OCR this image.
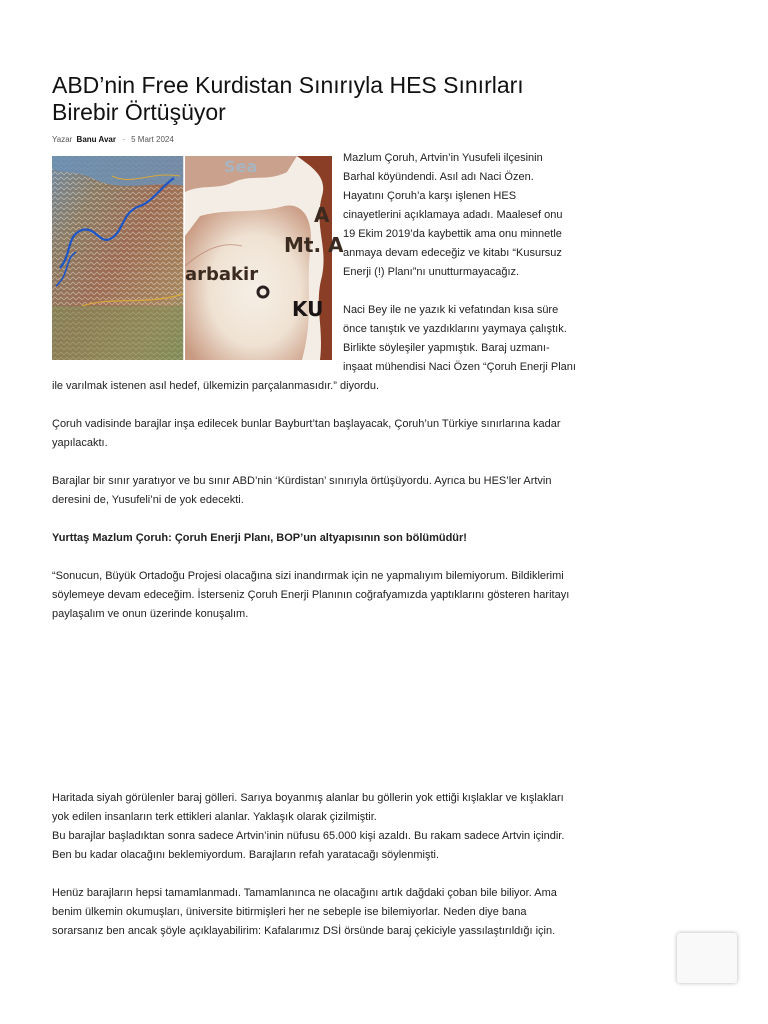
ABD’nin Free Kurdistan Sınırıyla HES Sınırları Birebir Örtüşüyor
Yazar Banu Avar - 5 Mart 2024
Sea
A
Mt. A
arbakir
KU

Mazlum Çoruh, Artvin’in Yusufeli ilçesinin Barhal köyündendi. Asıl adı Naci Özen. Hayatını Çoruh’a karşı işlenen HES cinayetlerini açıklamaya adadı. Maalesef onu 19 Ekim 2019’da kaybettik ama onu minnetle anmaya devam edeceğiz ve kitabı “Kusursuz Enerji (!) Planı”nı unutturmayacağız.

Naci Bey ile ne yazık ki vefatından kısa süre önce tanıştık ve yazdıklarını yaymaya çalıştık. Birlikte söyleşiler yapmıştık. Baraj uzmanı-inşaat mühendisi Naci Özen “Çoruh Enerji Planı ile varılmak istenen asıl hedef, ülkemizin parçalanmasıdır.” diyordu.

Çoruh vadisinde barajlar inşa edilecek bunlar Bayburt’tan başlayacak, Çoruh’un Türkiye sınırlarına kadar yapılacaktı.

Barajlar bir sınır yaratıyor ve bu sınır ABD’nin ‘Kürdistan’ sınırıyla örtüşüyordu. Ayrıca bu HES’ler Artvin deresini de, Yusufeli’ni de yok edecekti.

Yurttaş Mazlum Çoruh: Çoruh Enerji Planı, BOP’un altyapısının son bölümüdür!

“Sonucun, Büyük Ortadoğu Projesi olacağına sizi inandırmak için ne yapmalıyım bilemiyorum. Bildiklerimi söylemeye devam edeceğim. İsterseniz Çoruh Enerji Planının coğrafyamızda yaptıklarını gösteren haritayı paylaşalım ve onun üzerinde konuşalım.

Haritada siyah görülenler baraj gölleri. Sarıya boyanmış alanlar bu göllerin yok ettiği kışlaklar ve kışlakları yok edilen insanların terk ettikleri alanlar. Yaklaşık olarak çizilmiştir.

Bu barajlar başladıktan sonra sadece Artvin’inin nüfusu 65.000 kişi azaldı. Bu rakam sadece Artvin içindir. Ben bu kadar olacağını beklemiyordum. Barajların refah yaratacağı söylenmişti.

Henüz barajların hepsi tamamlanmadı. Tamamlanınca ne olacağını artık dağdaki çoban bile biliyor. Ama benim ülkemin okumuşları, üniversite bitirmişleri her ne sebeple ise bilemiyorlar. Neden diye bana sorarsanız ben ancak şöyle açıklayabilirim: Kafalarımız DSİ örsünde baraj çekiciyle yassılaştırıldığı için.
